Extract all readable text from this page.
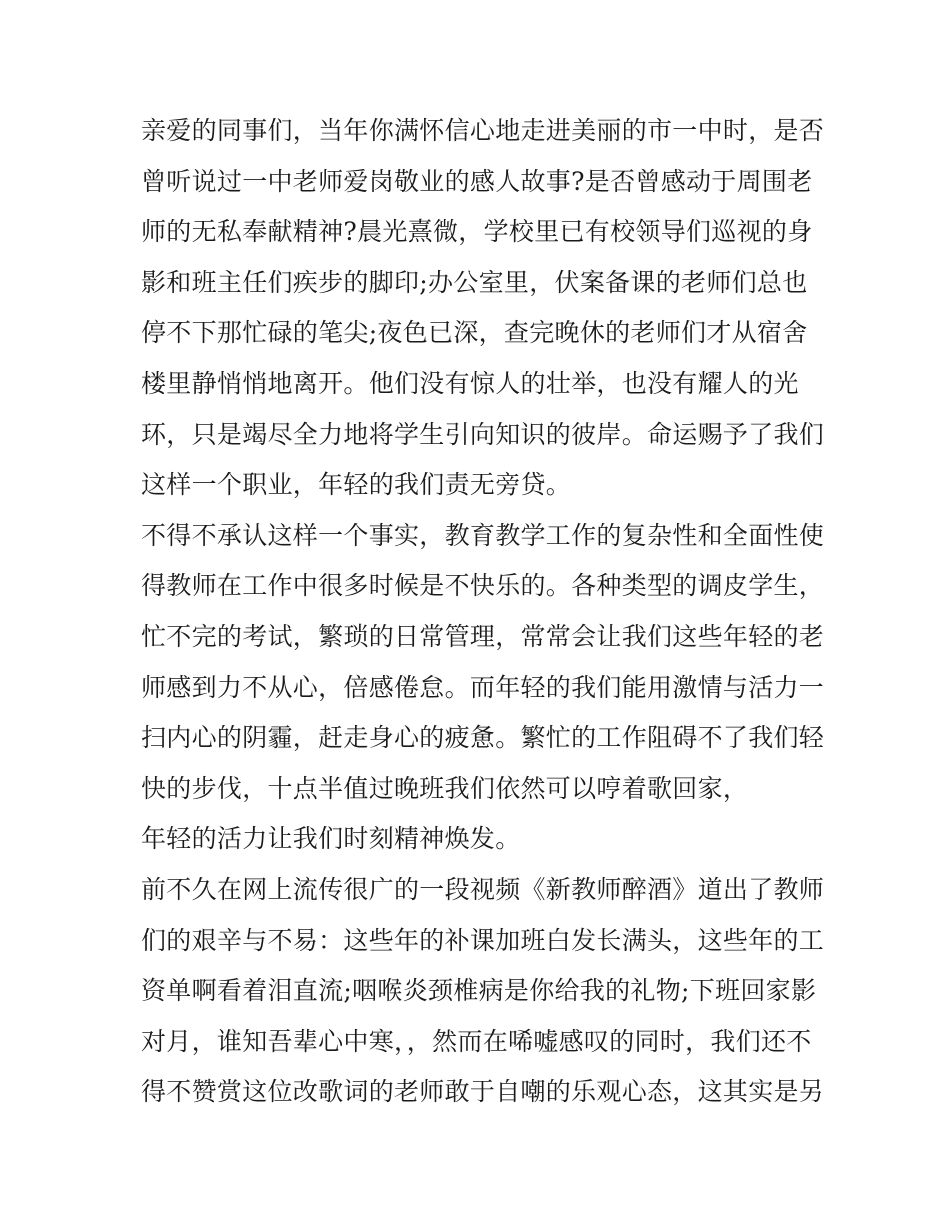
亲爱的同事们，当年你满怀信心地走进美丽的市一中时，是否
曾听说过一中老师爱岗敬业的感人故事?是否曾感动于周围老
师的无私奉献精神?晨光熹微，学校里已有校领导们巡视的身
影和班主任们疾步的脚印;办公室里，伏案备课的老师们总也
停不下那忙碌的笔尖;夜色已深，查完晚休的老师们才从宿舍
楼里静悄悄地离开。他们没有惊人的壮举，也没有耀人的光
环，只是竭尽全力地将学生引向知识的彼岸。命运赐予了我们
这样一个职业，年轻的我们责无旁贷。
不得不承认这样一个事实，教育教学工作的复杂性和全面性使
得教师在工作中很多时候是不快乐的。各种类型的调皮学生，
忙不完的考试，繁琐的日常管理，常常会让我们这些年轻的老
师感到力不从心，倍感倦怠。而年轻的我们能用激情与活力一
扫内心的阴霾，赶走身心的疲惫。繁忙的工作阻碍不了我们轻
快的步伐，十点半值过晚班我们依然可以哼着歌回家，
年轻的活力让我们时刻精神焕发。
前不久在网上流传很广的一段视频《新教师醉酒》道出了教师
们的艰辛与不易：这些年的补课加班白发长满头，这些年的工
资单啊看着泪直流;咽喉炎颈椎病是你给我的礼物;下班回家影
对月，谁知吾辈心中寒，，然而在唏嘘感叹的同时，我们还不
得不赞赏这位改歌词的老师敢于自嘲的乐观心态，这其实是另
